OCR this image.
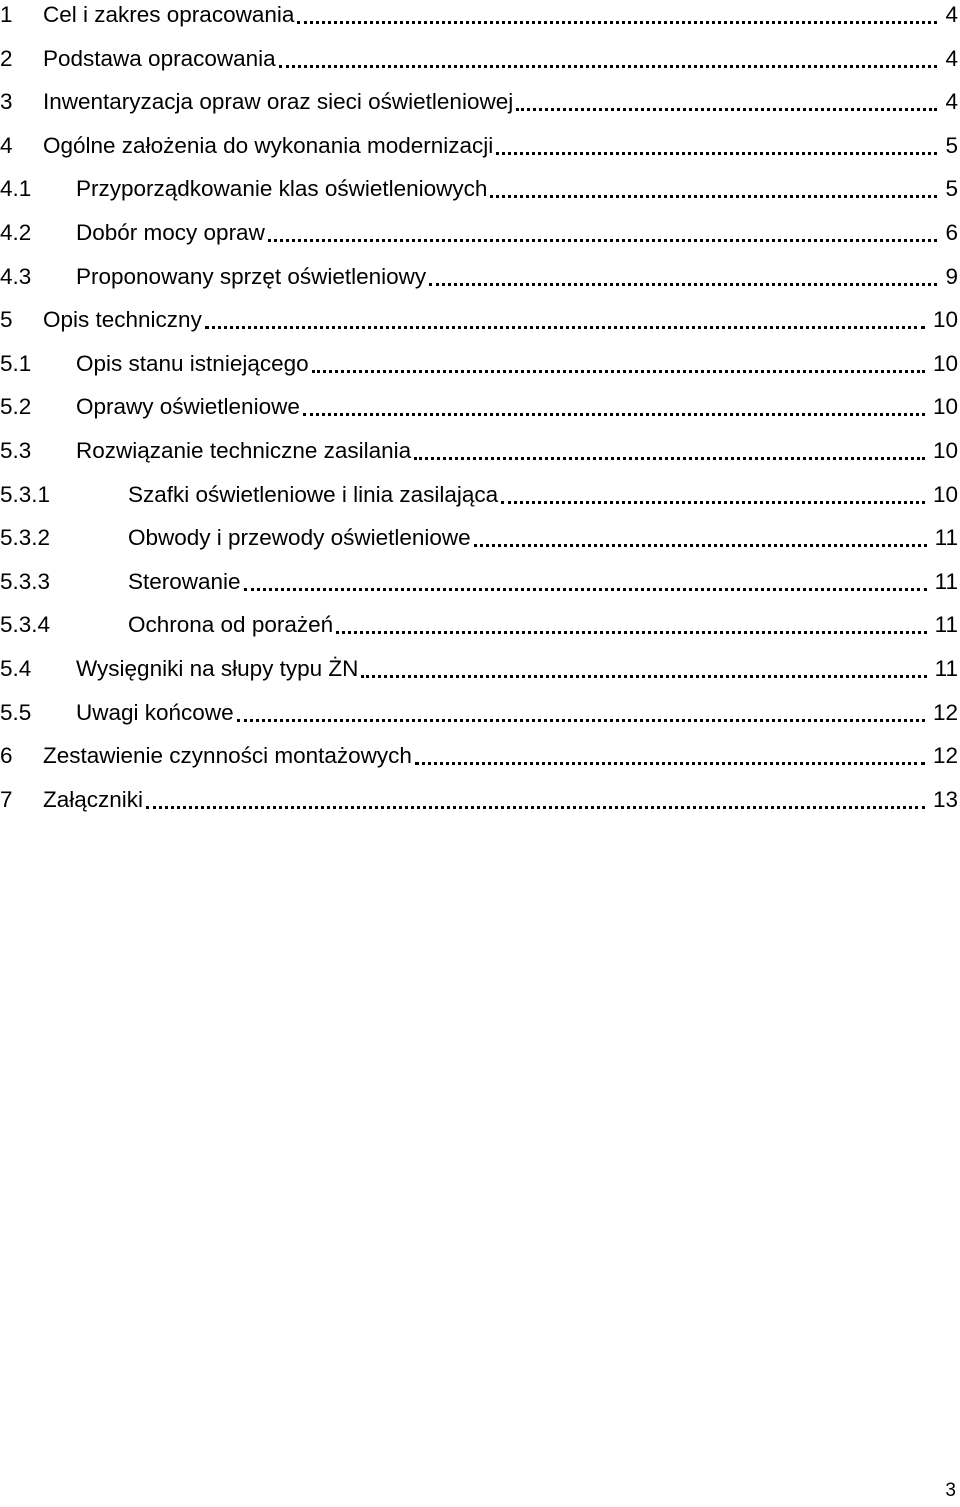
1 Cel i zakres opracowania	4
2 Podstawa opracowania	4
3 Inwentaryzacja opraw oraz sieci oświetleniowej	4
4 Ogólne założenia do wykonania modernizacji	5
4.1 Przyporządkowanie klas oświetleniowych	5
4.2 Dobór mocy opraw	6
4.3 Proponowany sprzęt oświetleniowy	9
5 Opis techniczny	10
5.1 Opis stanu istniejącego	10
5.2 Oprawy oświetleniowe	10
5.3 Rozwiązanie techniczne zasilania	10
5.3.1	Szafki oświetleniowe i linia zasilająca	10
5.3.2	Obwody i przewody oświetleniowe	11
5.3.3	Sterowanie	11
5.3.4	Ochrona od porażeń	11
5.4 Wysięgniki na słupy typu ŻN	11
5.5 Uwagi końcowe	12
6 Zestawienie czynności montażowych	12
7 Załączniki	13
3
